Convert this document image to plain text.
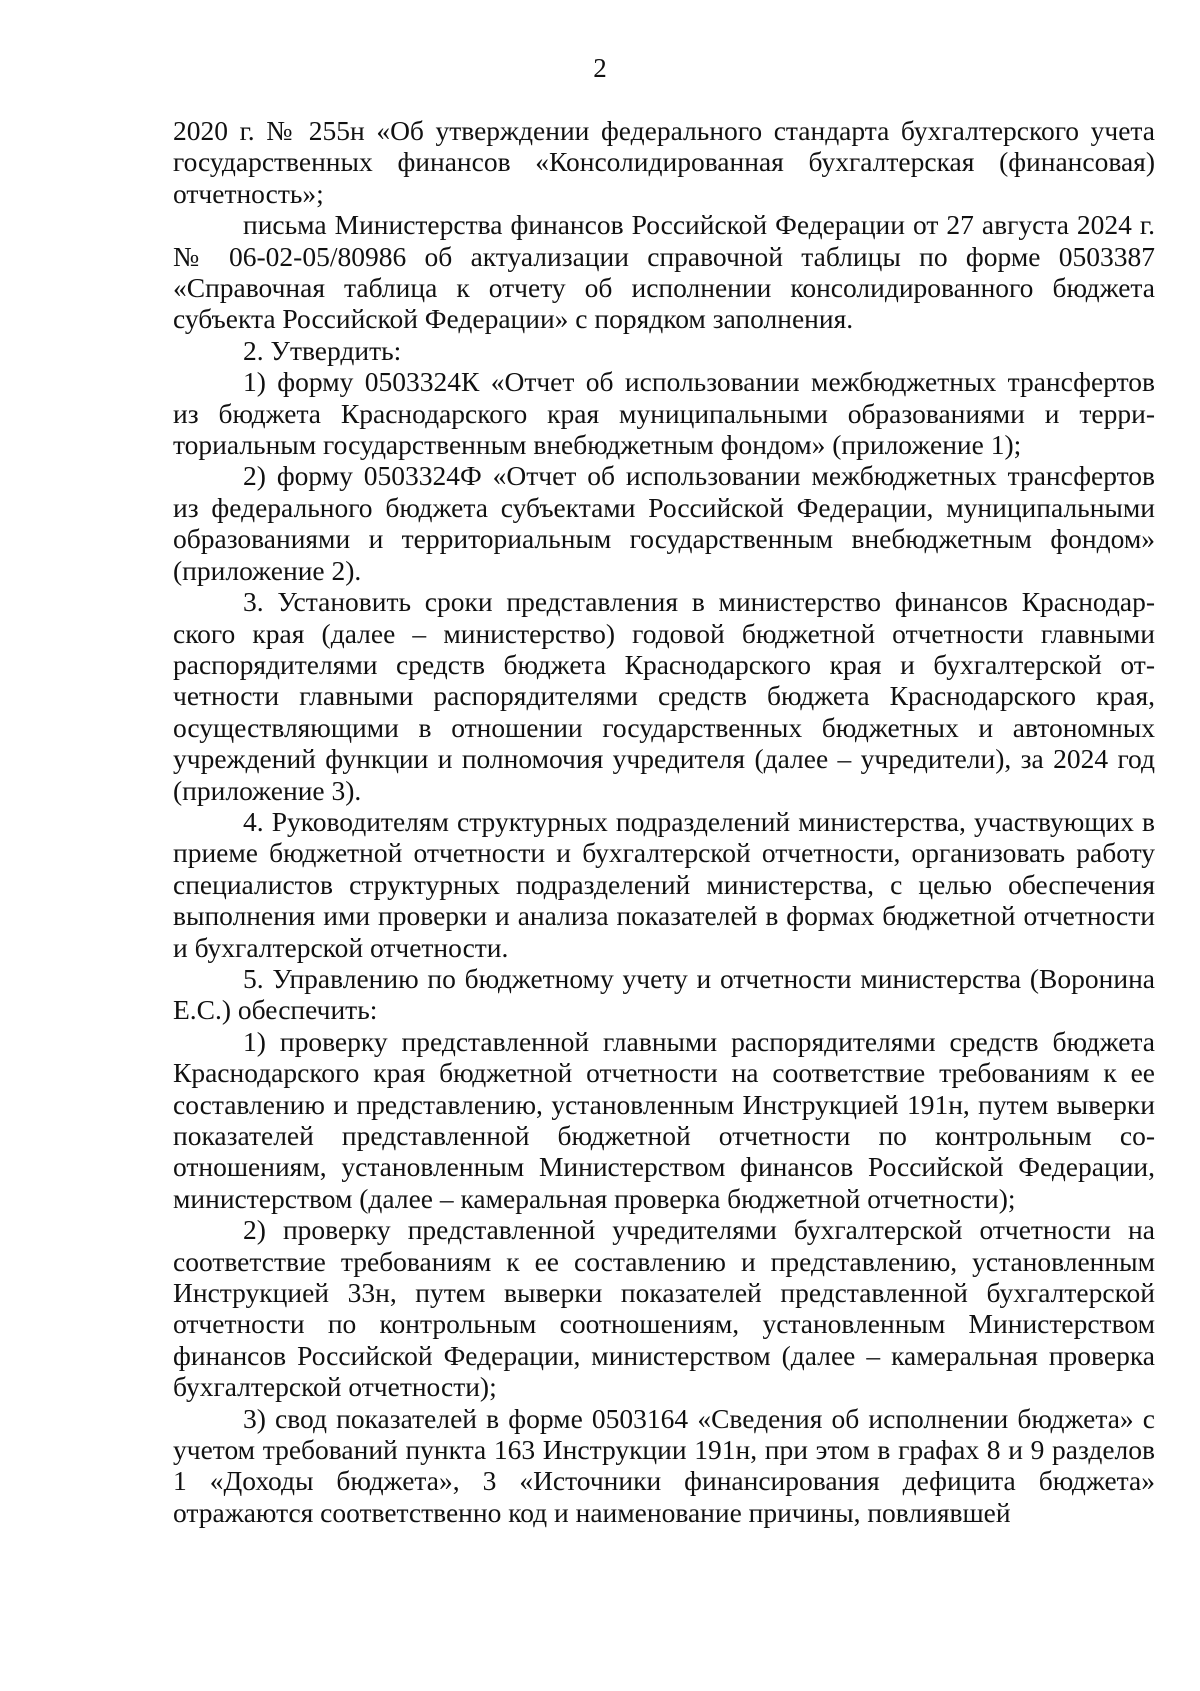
2

2020 г. № 255н «Об утверждении федерального стандарта бухгалтерского учета государственных финансов «Консолидированная бухгалтерская (финансовая) отчетность»;

письма Министерства финансов Российской Федерации от 27 августа 2024 г. № 06-02-05/80986 об актуализации справочной таблицы по форме 0503387 «Справочная таблица к отчету об исполнении консолидированного бюджета субъекта Российской Федерации» с порядком заполнения.

2. Утвердить:

1) форму 0503324К «Отчет об использовании межбюджетных трансфертов из бюджета Краснодарского края муниципальными образованиями и территориальным государственным внебюджетным фондом» (приложение 1);

2) форму 0503324Ф «Отчет об использовании межбюджетных трансфертов из федерального бюджета субъектами Российской Федерации, муниципальными образованиями и территориальным государственным внебюджетным фондом» (приложение 2).

3. Установить сроки представления в министерство финансов Краснодарского края (далее – министерство) годовой бюджетной отчетности главными распорядителями средств бюджета Краснодарского края и бухгалтерской отчетности главными распорядителями средств бюджета Краснодарского края, осуществляющими в отношении государственных бюджетных и автономных учреждений функции и полномочия учредителя (далее – учредители), за 2024 год (приложение 3).

4. Руководителям структурных подразделений министерства, участвующих в приеме бюджетной отчетности и бухгалтерской отчетности, организовать работу специалистов структурных подразделений министерства, с целью обеспечения выполнения ими проверки и анализа показателей в формах бюджетной отчетности и бухгалтерской отчетности.

5. Управлению по бюджетному учету и отчетности министерства (Воронина Е.С.) обеспечить:

1) проверку представленной главными распорядителями средств бюджета Краснодарского края бюджетной отчетности на соответствие требованиям к ее составлению и представлению, установленным Инструкцией 191н, путем выверки показателей представленной бюджетной отчетности по контрольным соотношениям, установленным Министерством финансов Российской Федерации, министерством (далее – камеральная проверка бюджетной отчетности);

2) проверку представленной учредителями бухгалтерской отчетности на соответствие требованиям к ее составлению и представлению, установленным Инструкцией 33н, путем выверки показателей представленной бухгалтерской отчетности по контрольным соотношениям, установленным Министерством финансов Российской Федерации, министерством (далее – камеральная проверка бухгалтерской отчетности);

3) свод показателей в форме 0503164 «Сведения об исполнении бюджета» с учетом требований пункта 163 Инструкции 191н, при этом в графах 8 и 9 разделов 1 «Доходы бюджета», 3 «Источники финансирования дефицита бюджета» отражаются соответственно код и наименование причины, повлиявшей
